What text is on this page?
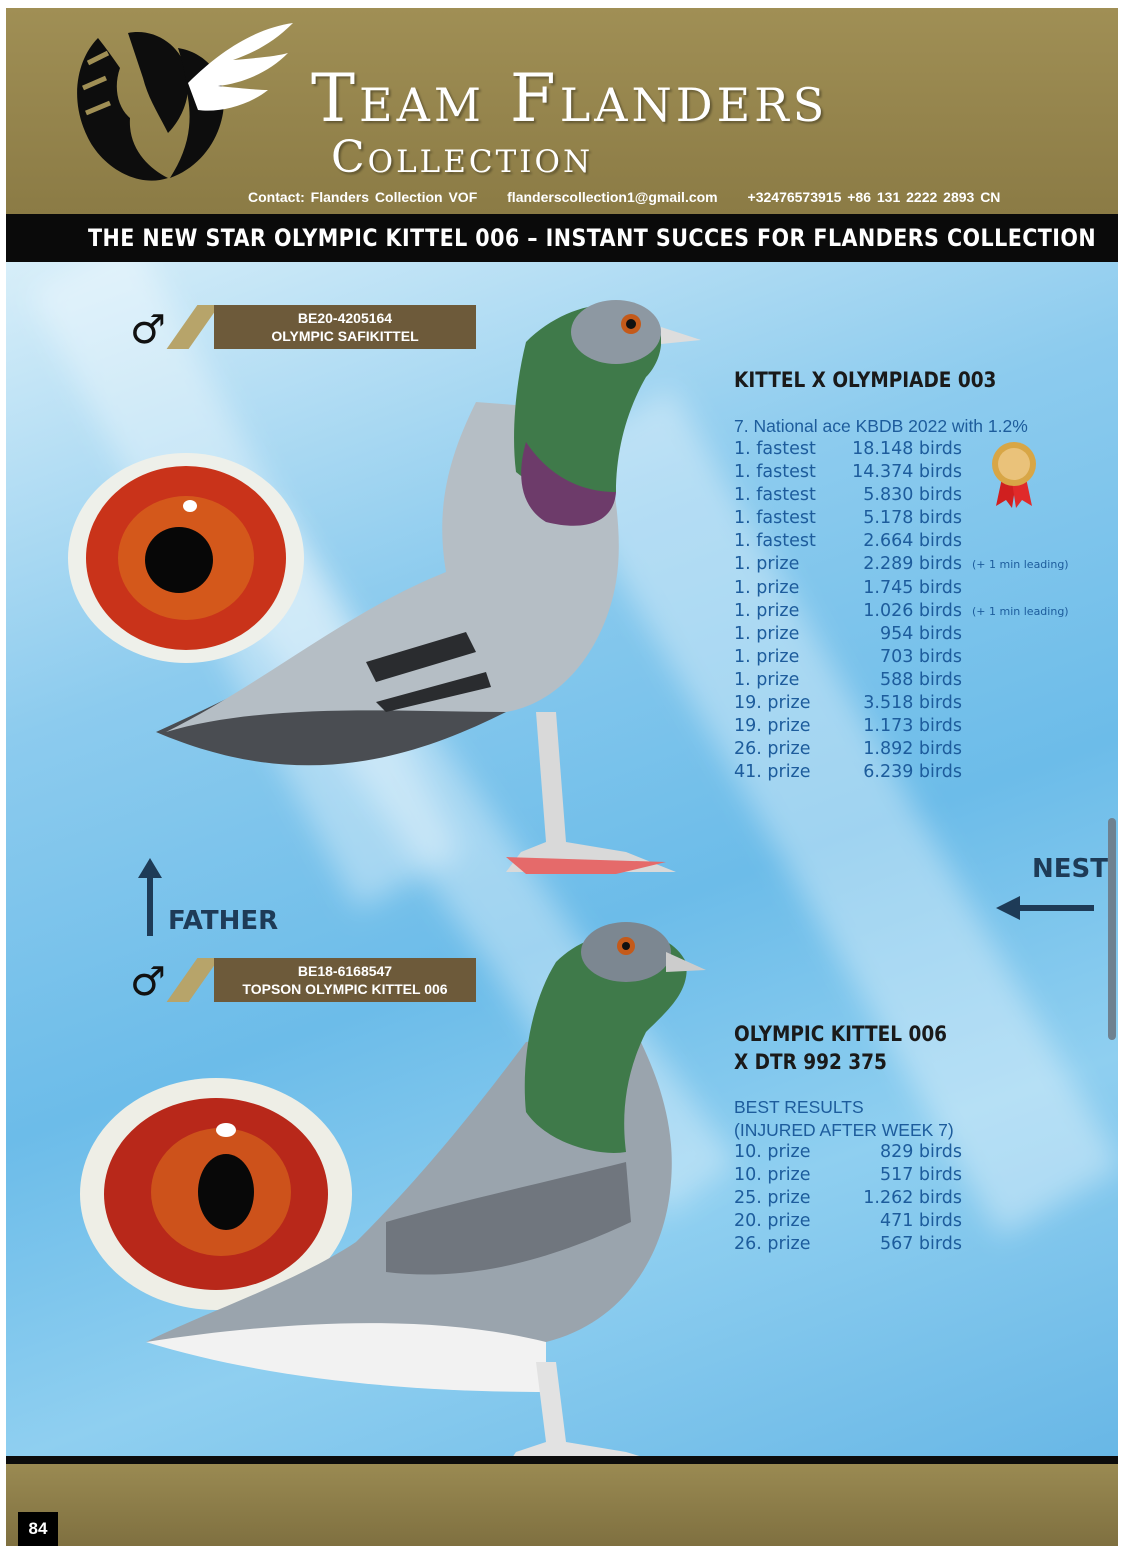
Team Flanders
Collection
Contact: Flanders Collection VOF flanderscollection1@gmail.com +32476573915 +86 131 2222 2893 CN
THE NEW STAR OLYMPIC KITTEL 006 – INSTANT SUCCES FOR FLANDERS COLLECTION
♂	BE20-4205164
OLYMPIC SAFIKITTEL
KITTEL X OLYMPIADE 003
7. National ace KBDB 2022 with 1.2%
1. fastest 18.148 birds
1. fastest 14.374 birds
1. fastest	5.830 birds
1. fastest	5.178 birds
1. fastest	2.664 birds
1. prize	2.289 birds (+ 1 min leading)
1. prize	1.745 birds
1. prize	1.026 birds (+ 1 min leading)
1. prize	954 birds
1. prize	703 birds
1. prize	588 birds
19. prize	3.518 birds
19. prize	1.173 birds
26. prize	1.892 birds
41. prize	6.239 birds
FATHER
NEST
♂	BE18-6168547
TOPSON OLYMPIC KITTEL 006
OLYMPIC KITTEL 006
X DTR 992 375
BEST RESULTS
(INJURED AFTER WEEK 7)
10. prize	829 birds
10. prize	517 birds
25. prize	1.262 birds
20. prize	471 birds
26. prize	567 birds
84
